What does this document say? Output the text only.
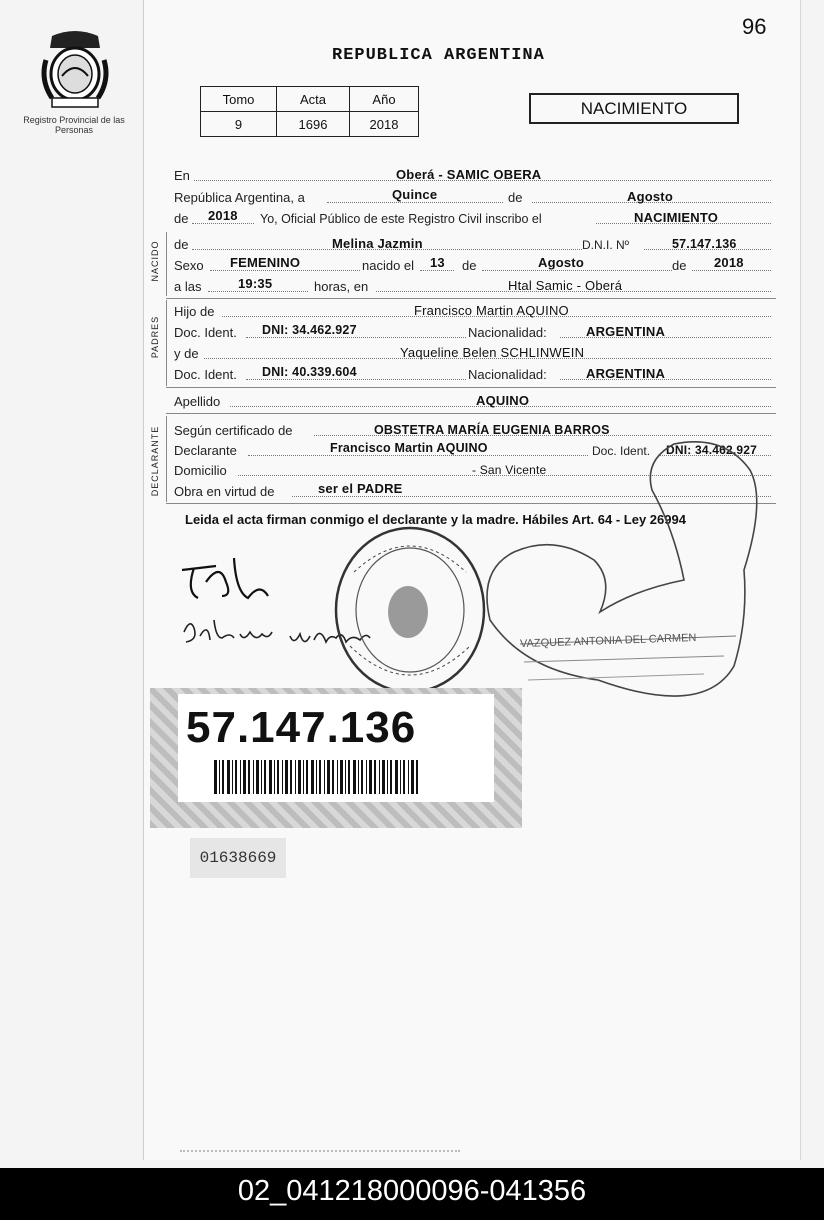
96
Registro Provincial de las Personas
REPUBLICA ARGENTINA
Tomo	Acta	Año
9	1696	2018
NACIMIENTO
En	Oberá - SAMIC OBERA
República Argentina, a	Quince	de	Agosto
de 2018 Yo, Oficial Público de este Registro Civil inscribo el	NACIMIENTO
NACIDO de	Melina Jazmin	D.N.I. Nº	57.147.136
Sexo FEMENINO	nacido el 13 de	Agosto	de 2018
a las	19:35	horas, en	Htal Samic - Oberá
PADRES
Hijo de	Francisco Martin AQUINO
Doc. Ident. DNI: 34.462.927	Nacionalidad:	ARGENTINA
y de	Yaqueline Belen SCHLINWEIN
Doc. Ident. DNI: 40.339.604	Nacionalidad:	ARGENTINA
Apellido	AQUINO
DECLARANTE Según certificado de	OBSTETRA MARÍA EUGENIA BARROS
Declarante	Francisco Martin AQUINO	Doc. Ident. DNI: 34.462.927
Domicilio	- San Vicente
Obra en virtud de	ser el PADRE
Leida el acta firman conmigo el declarante y la madre. Hábiles Art. 64 - Ley 26994
VAZQUEZ ANTONIA DEL CARMEN
57.147.136
01638669
02_041218000096-041356
